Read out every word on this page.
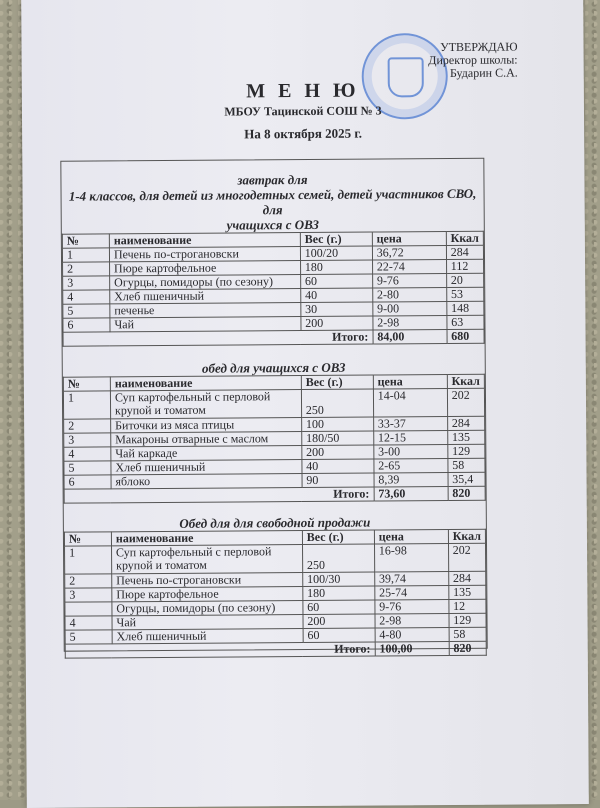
УТВЕРЖДАЮ
Директор школы:
Бударин С.А.
М Е Н Ю
МБОУ Тацинской СОШ № 3
На 8 октября 2025 г.
завтрак для
1-4 классов, для детей из многодетных семей, детей участников СВО, для
учащихся с ОВЗ
№	наименование	Вес (г.)	цена	Ккал
1	Печень по-строгановски	100/20	36,72	284
2	Пюре картофельное	180	22-74	112
3	Огурцы, помидоры (по сезону)	60	9-76	20
4	Хлеб пшеничный	40	2-80	53
5	печенье	30	9-00	148
6	Чай	200	2-98	63
Итого:			84,00	680
обед для учащихся с ОВЗ
№	наименование	Вес (г.)	цена	Ккал
1	Суп картофельный с перловой крупой и томатом	250	14-04	202
2	Биточки из мяса птицы	100	33-37	284
3	Макароны отварные с маслом	180/50	12-15	135
4	Чай каркаде	200	3-00	129
5	Хлеб пшеничный	40	2-65	58
6	яблоко	90	8,39	35,4
Итого:			73,60	820
Обед для для свободной продажи
№	наименование	Вес (г.)	цена	Ккал
1	Суп картофельный с перловой крупой и томатом	250	16-98	202
2	Печень по-строгановски	100/30	39,74	284
3	Пюре картофельное	180	25-74	135
	Огурцы, помидоры (по сезону)	60	9-76	12
4	Чай	200	2-98	129
5	Хлеб пшеничный	60	4-80	58
Итого:			100,00	820
